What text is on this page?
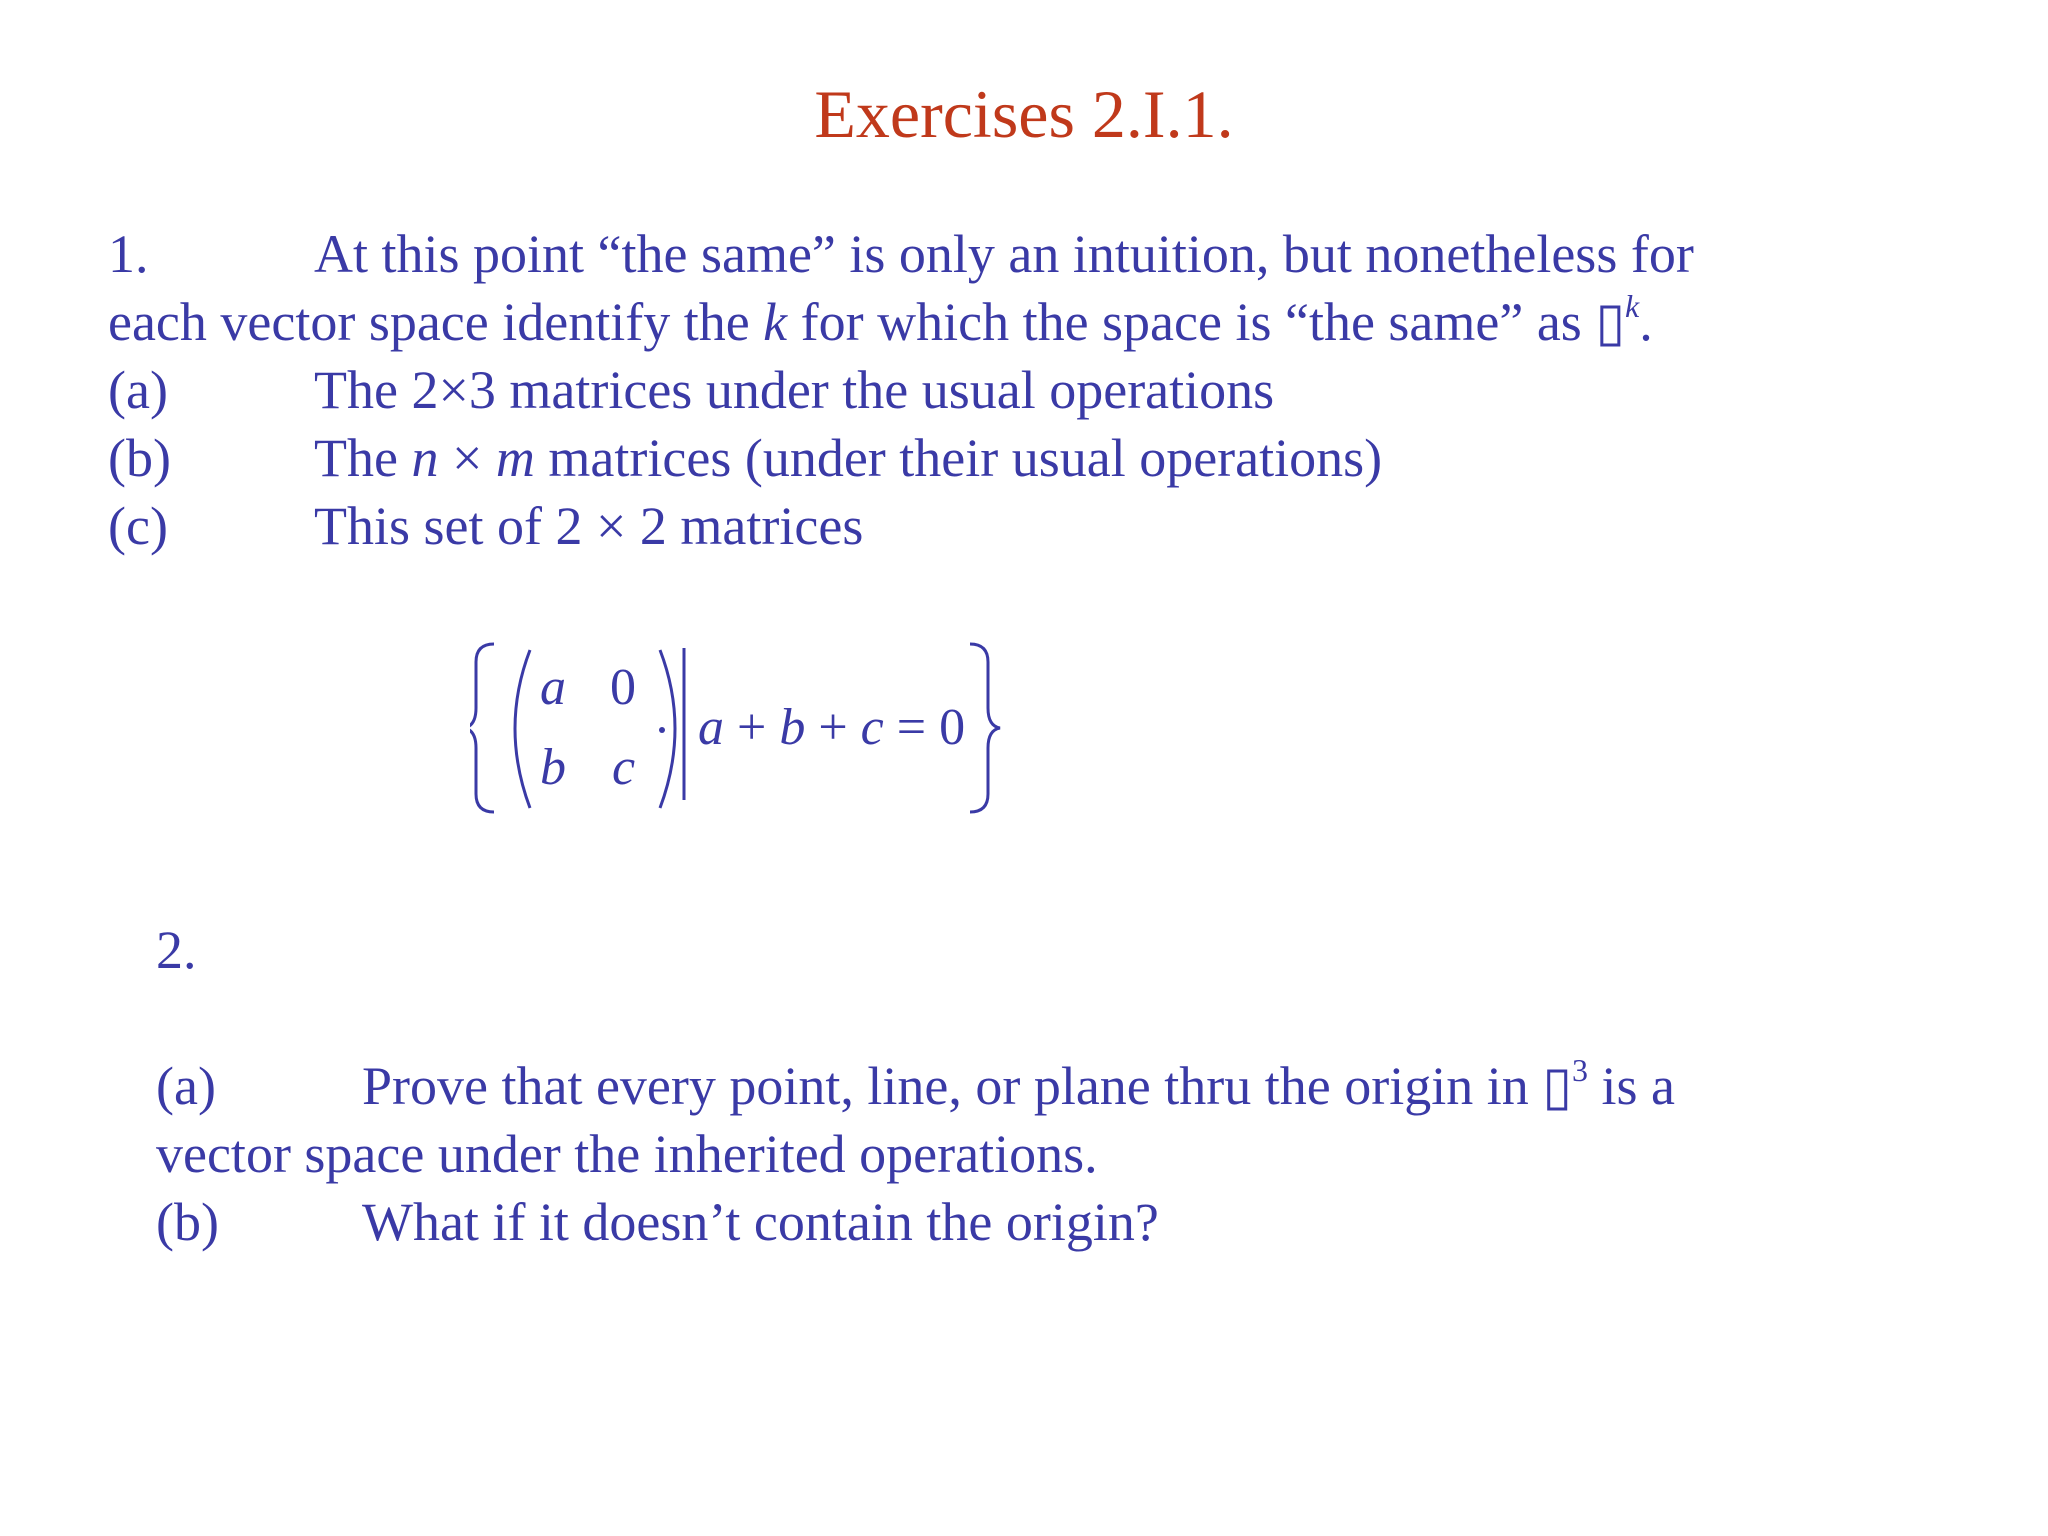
Exercises 2.I.1.
1.	At this point “the same” is only an intuition, but nonetheless for
each vector space identify the k for which the space is “the same” as ▯$^k$.
(a)	The 2×3 matrices under the usual operations
(b)	The n × m matrices (under their usual operations)
(c)	This set of 2 × 2 matrices
a 0
b c
a + b + c = 0
2.
(a)	Prove that every point, line, or plane thru the origin in ▯$^3$ is a
vector space under the inherited operations.
(b)	What if it doesn’t contain the origin?
